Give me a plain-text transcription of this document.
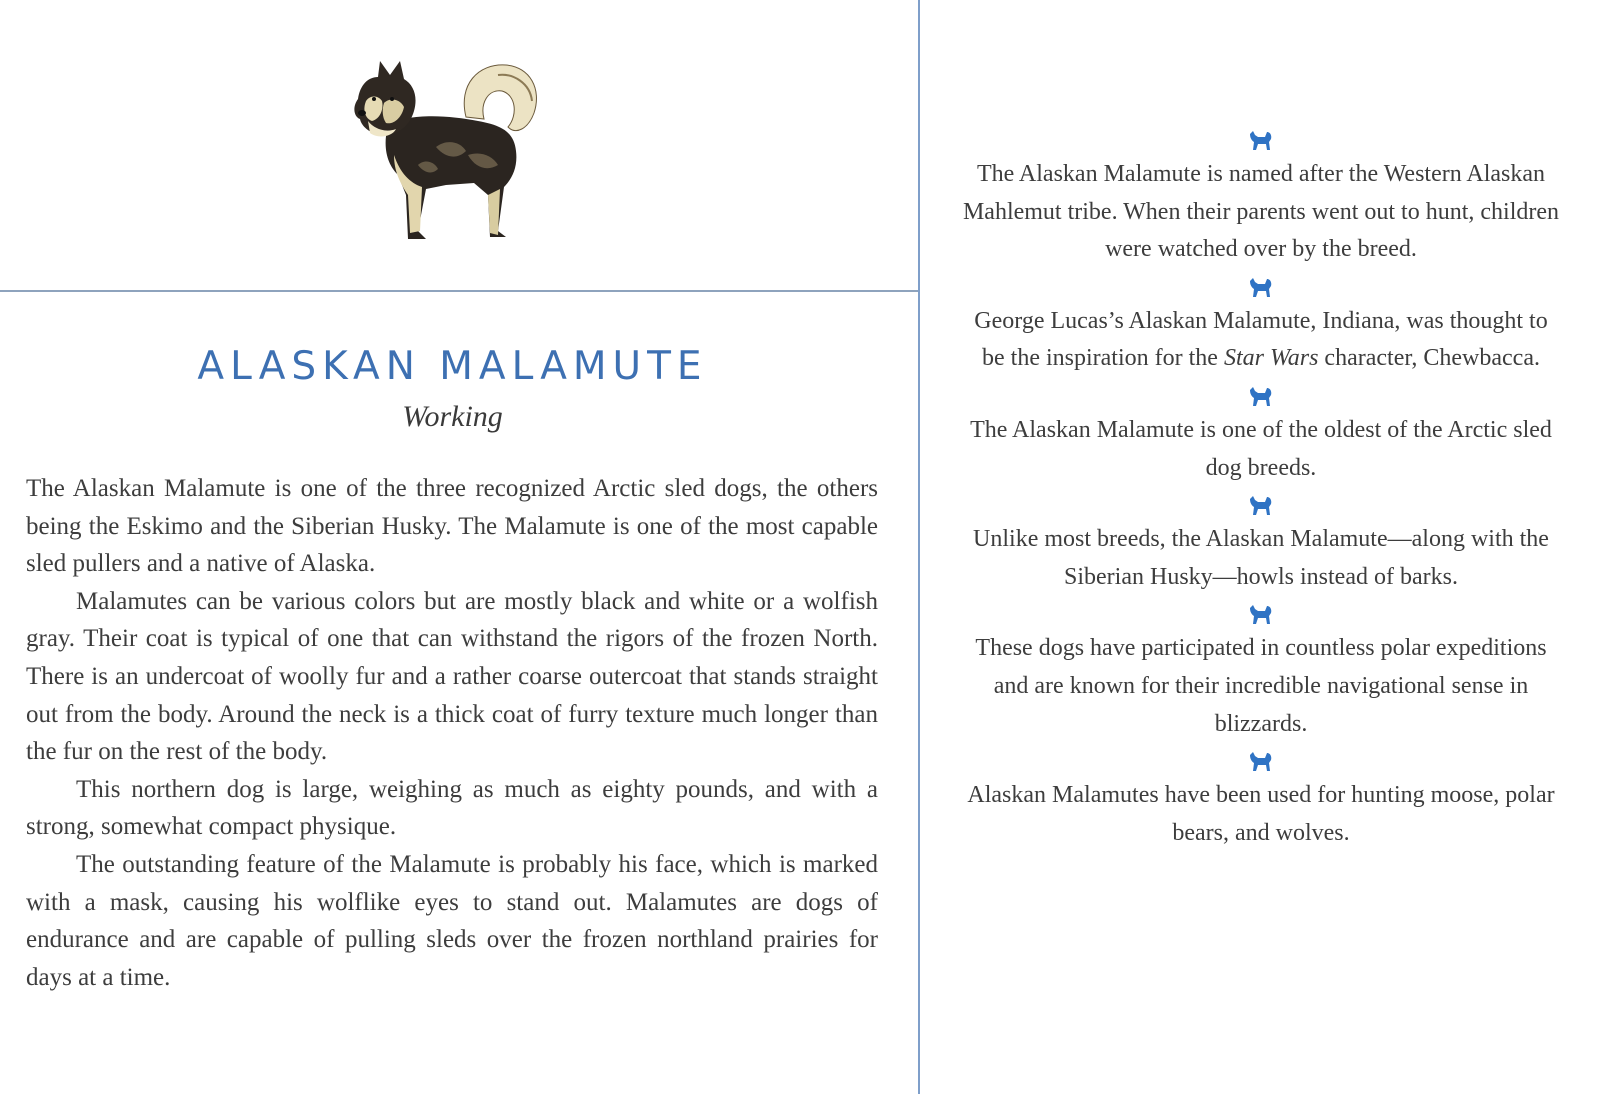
ALASKAN MALAMUTE
Working

The Alaskan Malamute is one of the three recognized Arctic sled dogs, the others being the Eskimo and the Siberian Husky. The Malamute is one of the most capable sled pullers and a native of Alaska.

Malamutes can be various colors but are mostly black and white or a wolfish gray. Their coat is typical of one that can withstand the rigors of the frozen North. There is an undercoat of woolly fur and a rather coarse outercoat that stands straight out from the body. Around the neck is a thick coat of furry texture much longer than the fur on the rest of the body.

This northern dog is large, weighing as much as eighty pounds, and with a strong, somewhat compact physique.

The outstanding feature of the Malamute is probably his face, which is marked with a mask, causing his wolflike eyes to stand out. Malamutes are dogs of endurance and are capable of pulling sleds over the frozen northland prairies for days at a time.

The Alaskan Malamute is named after the Western Alaskan Mahlemut tribe. When their parents went out to hunt, children were watched over by the breed.
George Lucas’s Alaskan Malamute, Indiana, was thought to be the inspiration for the Star Wars character, Chewbacca.
The Alaskan Malamute is one of the oldest of the Arctic sled dog breeds.
Unlike most breeds, the Alaskan Malamute—along with the Siberian Husky—howls instead of barks.
These dogs have participated in countless polar expeditions and are known for their incredible navigational sense in blizzards.
Alaskan Malamutes have been used for hunting moose, polar bears, and wolves.
